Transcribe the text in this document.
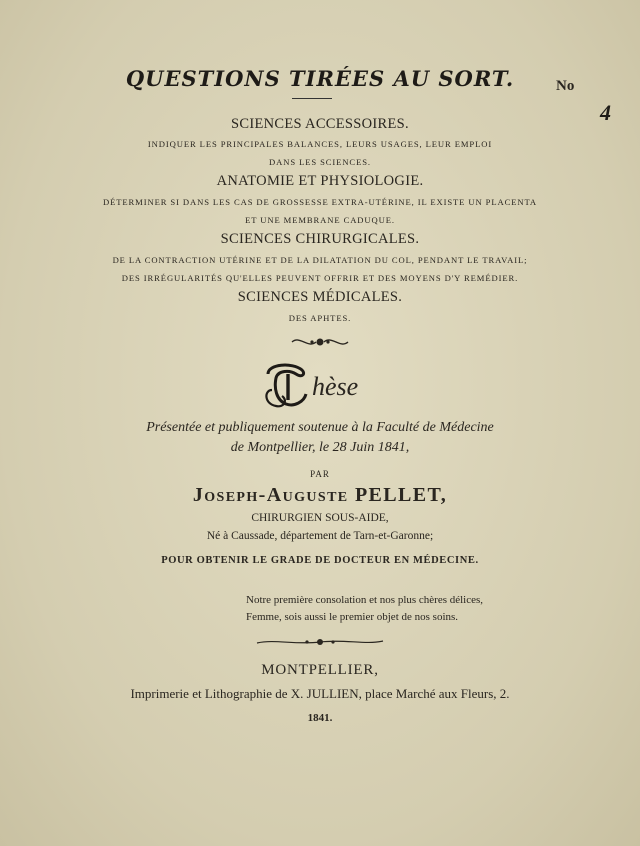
QUESTIONS TIRÉES AU SORT.	No
4
SCIENCES ACCESSOIRES.
INDIQUER LES PRINCIPALES BALANCES, LEURS USAGES, LEUR EMPLOI
DANS LES SCIENCES.
ANATOMIE ET PHYSIOLOGIE.
DÉTERMINER SI DANS LES CAS DE GROSSESSE EXTRA-UTÉRINE, IL EXISTE UN PLACENTA
ET UNE MEMBRANE CADUQUE.
SCIENCES CHIRURGICALES.
DE LA CONTRACTION UTÉRINE ET DE LA DILATATION DU COL, PENDANT LE TRAVAIL;
DES IRRÉGULARITÉS QU'ELLES PEUVENT OFFRIR ET DES MOYENS D'Y REMÉDIER.
SCIENCES MÉDICALES.
DES APHTES.
hèse
Présentée et publiquement soutenue à la Faculté de Médecine
de Montpellier, le 28 Juin 1841,
PAR
Joseph-Auguste PELLET,
CHIRURGIEN SOUS-AIDE,
Né à Caussade, département de Tarn-et-Garonne;
POUR OBTENIR LE GRADE DE DOCTEUR EN MÉDECINE.
Notre première consolation et nos plus chères délices,
Femme, sois aussi le premier objet de nos soins.
MONTPELLIER,
Imprimerie et Lithographie de X. JULLIEN, place Marché aux Fleurs, 2.
1841.
